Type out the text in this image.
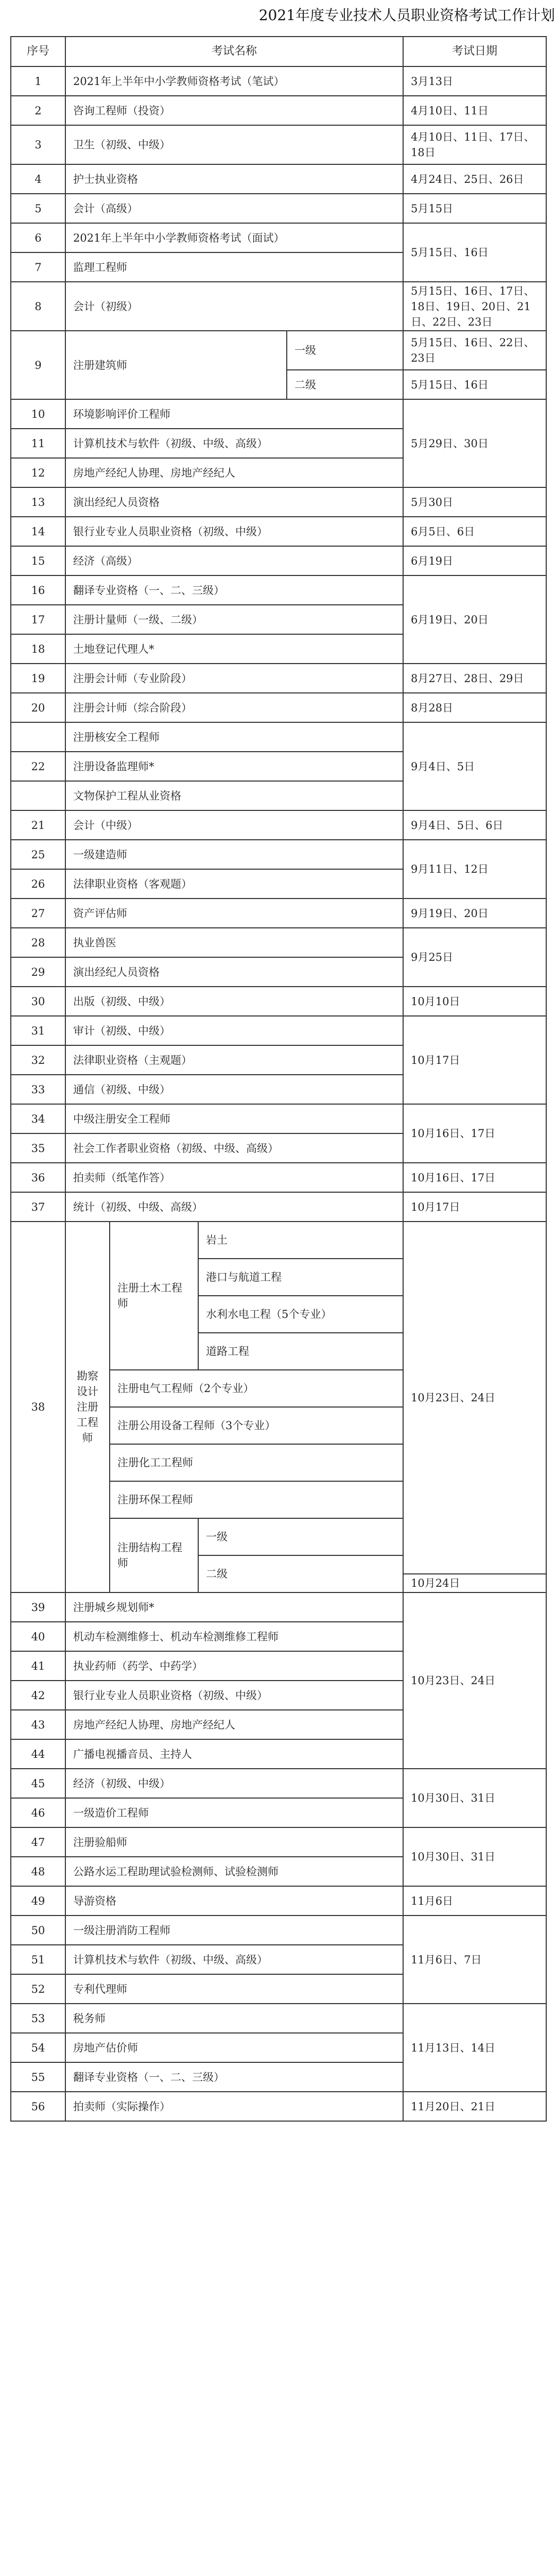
2021年度专业技术人员职业资格考试工作计划
序号	考试名称				考试日期
1	2021年上半年中小学教师资格考试（笔试）				3月13日
2	咨询工程师（投资）				4月10日、11日
3	卫生（初级、中级）				4月10日、11日、17日、18日
4	护士执业资格				4月24日、25日、26日
5	会计（高级）				5月15日
6	2021年上半年中小学教师资格考试（面试）				5月15日、16日
7	监理工程师				
8	会计（初级）				5月15日、16日、17日、18日、19日、20日、21日、22日、23日
9	注册建筑师			一级	5月15日、16日、22日、23日
				二级	5月15日、16日
10	环境影响评价工程师				5月29日、30日
11	计算机技术与软件（初级、中级、高级）				
12	房地产经纪人协理、房地产经纪人				
13	演出经纪人员资格				5月30日
14	银行业专业人员职业资格（初级、中级）				6月5日、6日
15	经济（高级）				6月19日
16	翻译专业资格（一、二、三级）				6月19日、20日
17	注册计量师（一级、二级）				
18	土地登记代理人*				
19	注册会计师（专业阶段）				8月27日、28日、29日
20	注册会计师（综合阶段）				8月28日
	注册核安全工程师				9月4日、5日
22	注册设备监理师*				
	文物保护工程从业资格				
21	会计（中级）				9月4日、5日、6日
25	一级建造师				9月11日、12日
26	法律职业资格（客观题）				
27	资产评估师				9月19日、20日
28	执业兽医				9月25日
29	演出经纪人员资格				
30	出版（初级、中级）				10月10日
31	审计（初级、中级）				10月17日
32	法律职业资格（主观题）				
33	通信（初级、中级）				
34	中级注册安全工程师				10月16日、17日
35	社会工作者职业资格（初级、中级、高级）				
36	拍卖师（纸笔作答）				10月16日、17日
37	统计（初级、中级、高级）				10月17日
38	勘察设计注册工程师	注册土木工程师	岩土		10月23日、24日
			港口与航道工程		
			水利水电工程（5个专业）		
			道路工程		
		注册电气工程师（2个专业）			
		注册公用设备工程师（3个专业）			
		注册化工工程师			
		注册环保工程师			
		注册结构工程师	一级		
			二级		
					10月24日
39	注册城乡规划师*				10月23日、24日
40	机动车检测维修士、机动车检测维修工程师				
41	执业药师（药学、中药学）				
42	银行业专业人员职业资格（初级、中级）				
43	房地产经纪人协理、房地产经纪人				
44	广播电视播音员、主持人				
45	经济（初级、中级）				10月30日、31日
46	一级造价工程师				
47	注册验船师				10月30日、31日
48	公路水运工程助理试验检测师、试验检测师				
49	导游资格				11月6日
50	一级注册消防工程师				11月6日、7日
51	计算机技术与软件（初级、中级、高级）				
52	专利代理师				
53	税务师				11月13日、14日
54	房地产估价师				
55	翻译专业资格（一、二、三级）				
56	拍卖师（实际操作）				11月20日、21日
